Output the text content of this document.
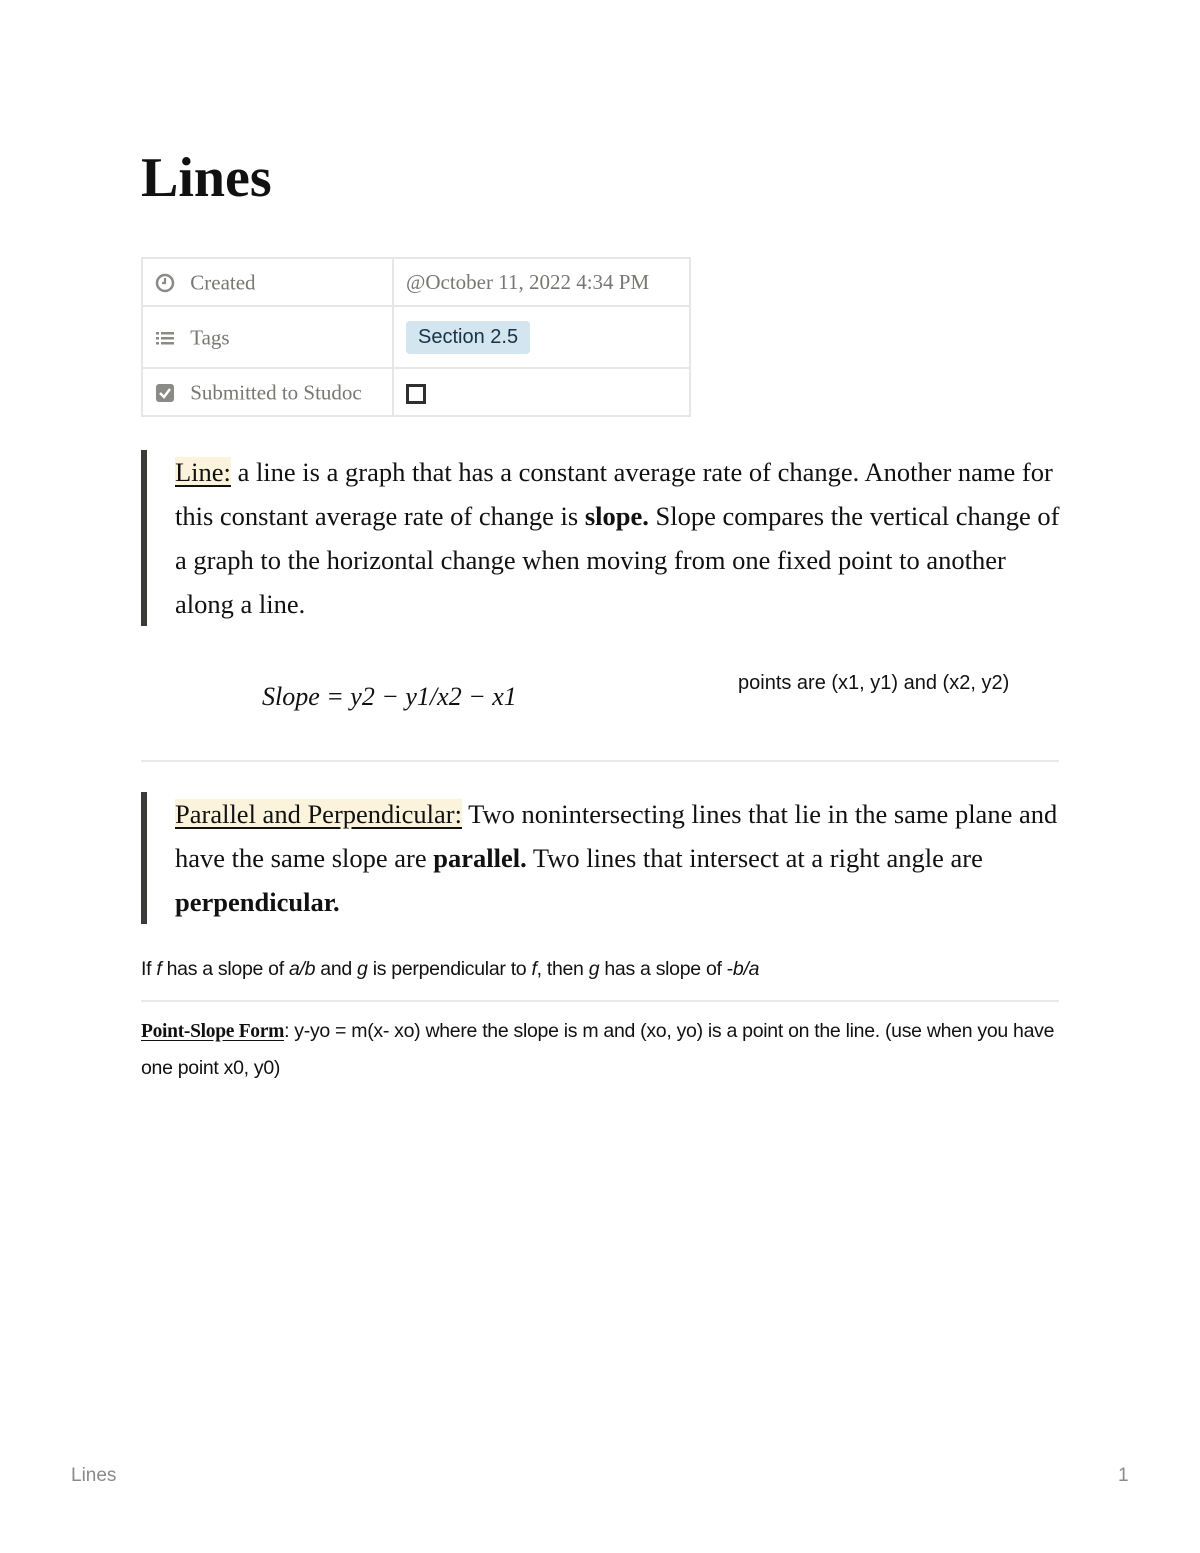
Lines
Created	@October 11, 2022 4:34 PM

Tags	Section 2.5

Submitted to Studoc	

Line: a line is a graph that has a constant average rate of change. Another name for this constant average rate of change is slope. Slope compares the vertical change of a graph to the horizontal change when moving from one fixed point to another along a line.

Slope = y2 − y1/x2 − x1	points are (x1, y1) and (x2, y2)

Parallel and Perpendicular: Two nonintersecting lines that lie in the same plane and have the same slope are parallel. Two lines that intersect at a right angle are perpendicular.

If f has a slope of a/b and g is perpendicular to f, then g has a slope of -b/a
Point-Slope Form: y-yo = m(x- xo) where the slope is m and (xo, yo) is a point on the line. (use when you have one point x0, y0)
Lines	1
